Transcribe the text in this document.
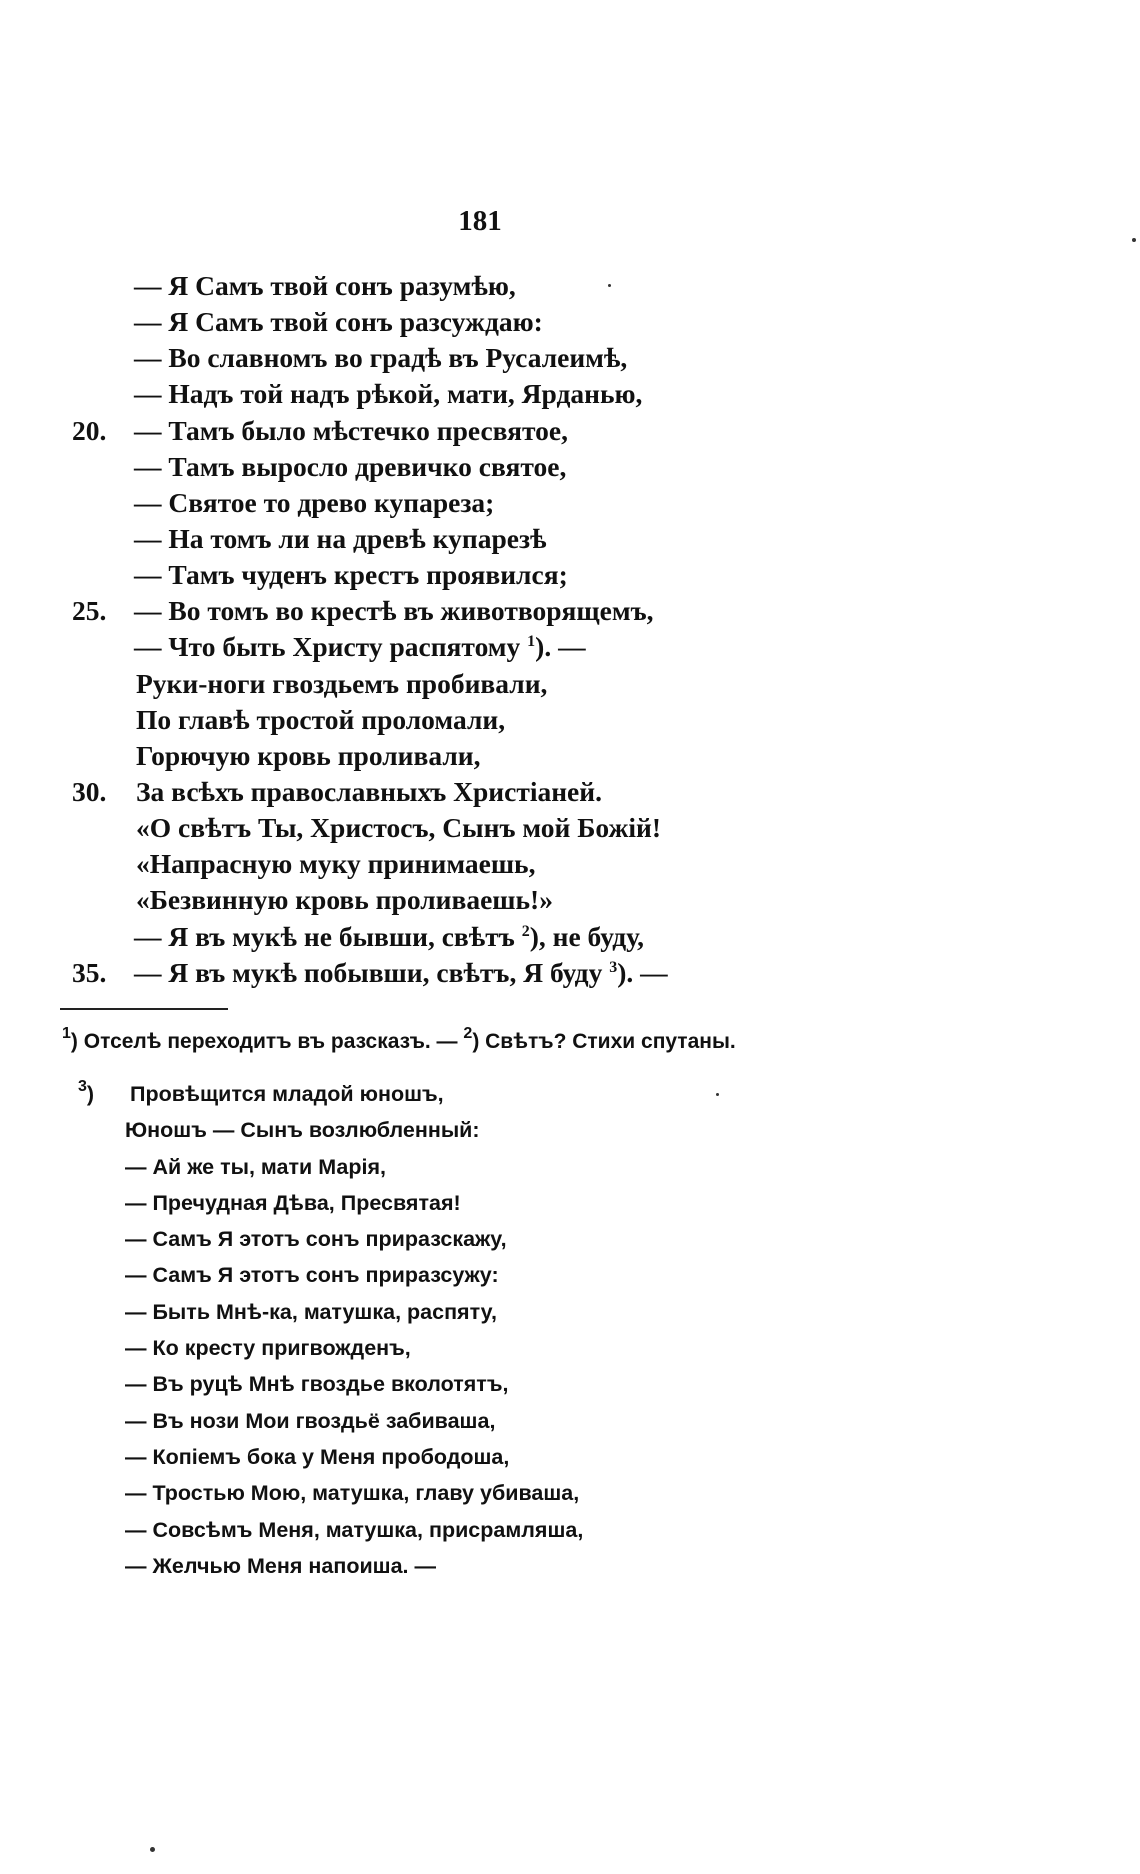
181
— Я Самъ твой сонъ разумѣю,
— Я Самъ твой сонъ разсуждаю:
— Во славномъ во градѣ въ Русалеимѣ,
— Надъ той надъ рѣкой, мати, Ярданью,
20.	— Тамъ было мѣстечко пресвятое,
— Тамъ выросло древичко святое,
— Святое то древо купареза;
— На томъ ли на древѣ купарезѣ
— Тамъ чуденъ крестъ проявился;
25.	— Во томъ во крестѣ въ животворящемъ,
— Что быть Христу распятому $^1$). —
Руки-ноги гвоздьемъ пробивали,
По главѣ тростой проломали,
Горючую кровь проливали,
30.	За всѣхъ православныхъ Христіаней.
«О свѣтъ Ты, Христосъ, Сынъ мой Божій!
«Напрасную муку принимаешь,
«Безвинную кровь проливаешь!»
— Я въ мукѣ не бывши, свѣтъ $^2$), не буду,
35.	— Я въ мукѣ побывши, свѣтъ, Я буду $^3$). —
$^1$) Отселѣ переходитъ въ разсказъ. — $^2$) Свѣтъ? Стихи спутаны.
$^3$) Провѣщится младой юношъ,
Юношъ — Сынъ возлюбленный:
— Ай же ты, мати Марія,
— Пречудная Дѣва, Пресвятая!
— Самъ Я этотъ сонъ приразскажу,
— Самъ Я этотъ сонъ приразсужу:
— Быть Мнѣ-ка, матушка, распяту,
— Ко кресту пригвожденъ,
— Въ руцѣ Мнѣ гвоздье вколотятъ,
— Въ нози Мои гвоздьё забиваша,
— Копіемъ бока у Меня прободоша,
— Тростью Мою, матушка, главу убиваша,
— Совсѣмъ Меня, матушка, присрамляша,
— Желчью Меня напоиша. —
